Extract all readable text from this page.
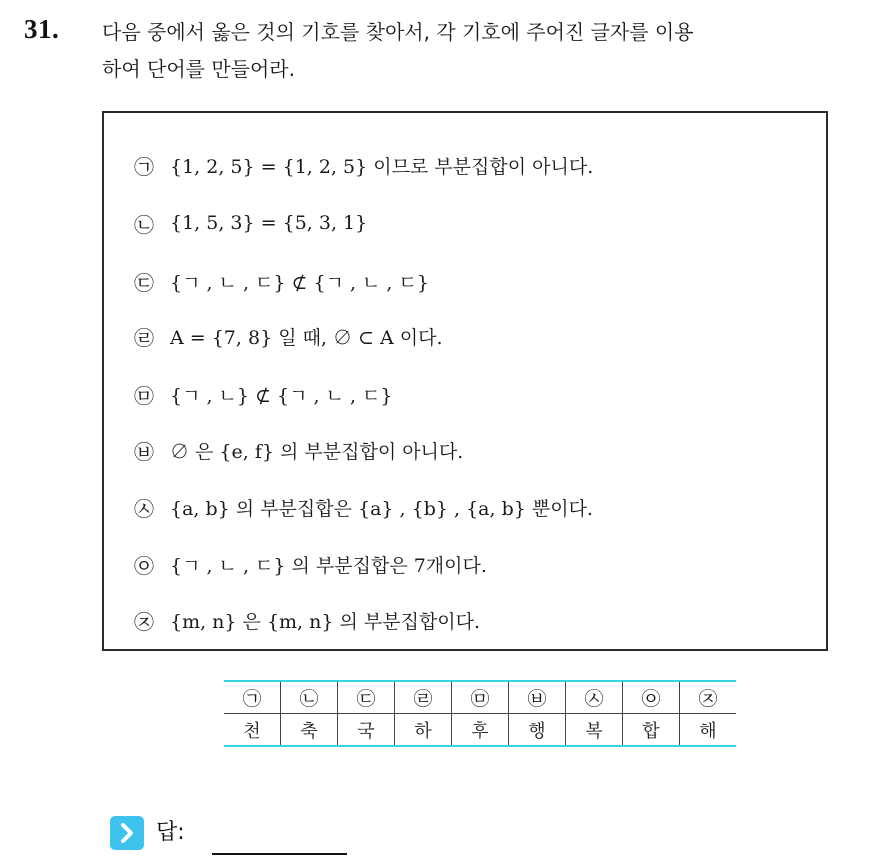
31. 다음 중에서 옳은 것의 기호를 찾아서, 각 기호에 주어진 글자를 이용
하여 단어를 만들어라.
㉠ {1, 2, 5} = {1, 2, 5} 이므로 부분집합이 아니다.
㉡ {1, 5, 3} = {5, 3, 1}
㉢ {ㄱ , ㄴ , ㄷ} ⊄ {ㄱ , ㄴ , ㄷ}
㉣ A = {7, 8} 일 때, ∅ ⊂ A 이다.
㉤ {ㄱ , ㄴ} ⊄ {ㄱ , ㄴ , ㄷ}
㉥ ∅ 은 {e, f} 의 부분집합이 아니다.
㉦ {a, b} 의 부분집합은 {a} , {b} , {a, b} 뿐이다.
㉧ {ㄱ , ㄴ , ㄷ} 의 부분집합은 7개이다.
㉨ {m, n} 은 {m, n} 의 부분집합이다.
㉠	㉡	㉢	㉣	㉤	㉥	㉦	㉧	㉨
천	축	국	하	후	행	복	합	해
답:
